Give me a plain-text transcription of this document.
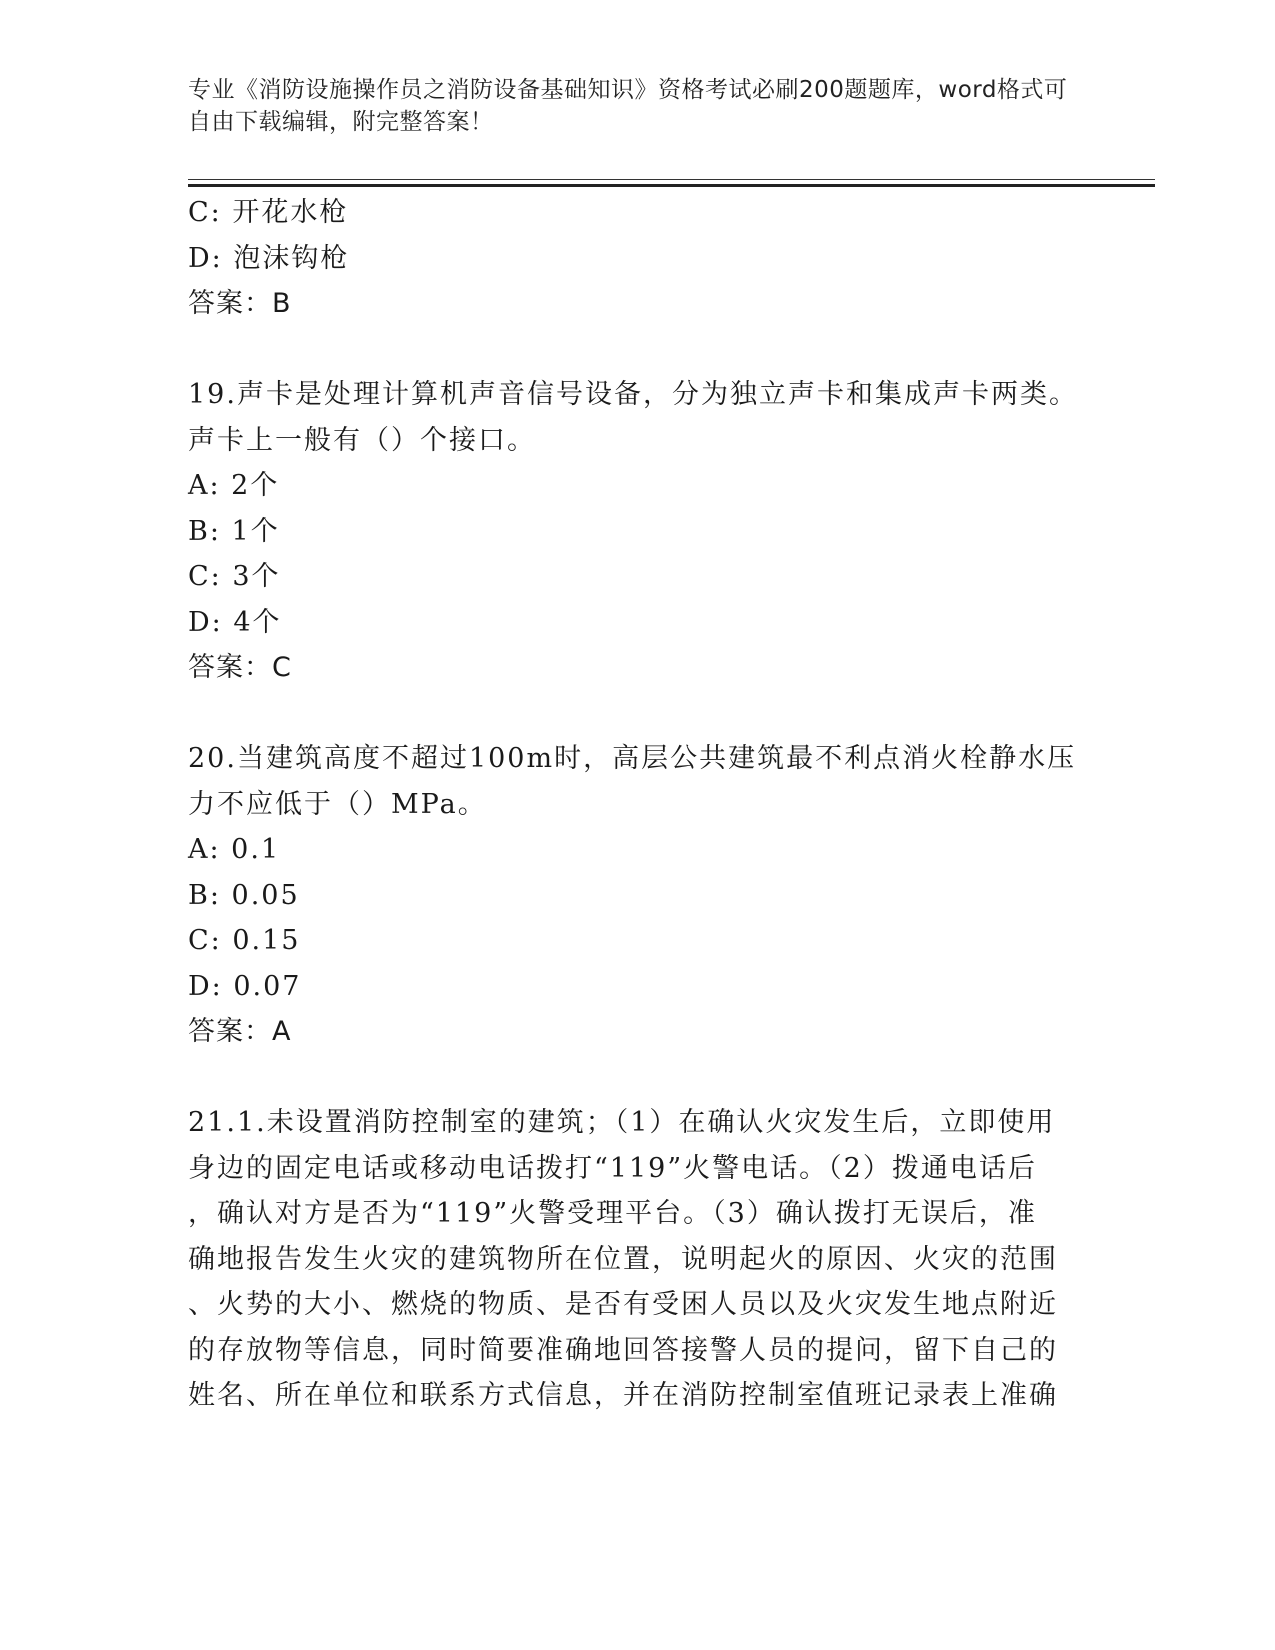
专业《消防设施操作员之消防设备基础知识》资格考试必刷200题题库，word格式可自由下载编辑，附完整答案！
C: 开花水枪
D: 泡沫钩枪
答案：B
19.声卡是处理计算机声音信号设备，分为独立声卡和集成声卡两类。
声卡上一般有（）个接口。
A: 2个
B: 1个
C: 3个
D: 4个
答案：C
20.当建筑高度不超过100m时，高层公共建筑最不利点消火栓静水压
力不应低于（）MPa。
A: 0.1
B: 0.05
C: 0.15
D: 0.07
答案：A
21.1.未设置消防控制室的建筑；（1）在确认火灾发生后，立即使用
身边的固定电话或移动电话拨打“119”火警电话。（2）拨通电话后
，确认对方是否为“119”火警受理平台。（3）确认拨打无误后，准
确地报告发生火灾的建筑物所在位置，说明起火的原因、火灾的范围
、火势的大小、燃烧的物质、是否有受困人员以及火灾发生地点附近
的存放物等信息，同时简要准确地回答接警人员的提问，留下自己的
姓名、所在单位和联系方式信息，并在消防控制室值班记录表上准确
